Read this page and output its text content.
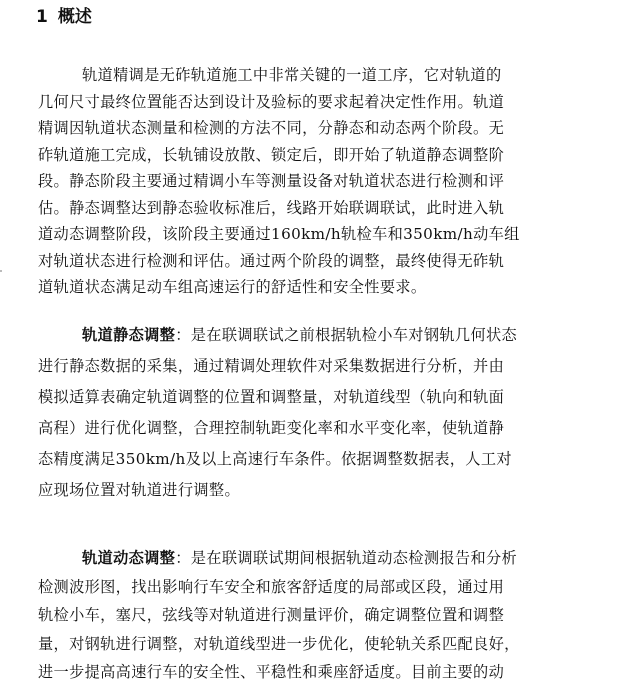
1 概述
轨道精调是无砟轨道施工中非常关键的一道工序，它对轨道的
几何尺寸最终位置能否达到设计及验标的要求起着决定性作用。轨道
精调因轨道状态测量和检测的方法不同，分静态和动态两个阶段。无
砟轨道施工完成，长轨铺设放散、锁定后，即开始了轨道静态调整阶
段。静态阶段主要通过精调小车等测量设备对轨道状态进行检测和评
估。静态调整达到静态验收标准后，线路开始联调联试，此时进入轨
道动态调整阶段，该阶段主要通过160km/h轨检车和350km/h动车组
对轨道状态进行检测和评估。通过两个阶段的调整，最终使得无砟轨
道轨道状态满足动车组高速运行的舒适性和安全性要求。
轨道静态调整：是在联调联试之前根据轨检小车对钢轨几何状态
进行静态数据的采集，通过精调处理软件对采集数据进行分析，并由
模拟适算表确定轨道调整的位置和调整量，对轨道线型（轨向和轨面
高程）进行优化调整，合理控制轨距变化率和水平变化率，使轨道静
态精度满足350km/h及以上高速行车条件。依据调整数据表，人工对
应现场位置对轨道进行调整。
轨道动态调整：是在联调联试期间根据轨道动态检测报告和分析
检测波形图，找出影响行车安全和旅客舒适度的局部或区段，通过用
轨检小车，塞尺，弦线等对轨道进行测量评价，确定调整位置和调整
量，对钢轨进行调整，对轨道线型进一步优化，使轮轨关系匹配良好，
进一步提高高速行车的安全性、平稳性和乘座舒适度。目前主要的动
